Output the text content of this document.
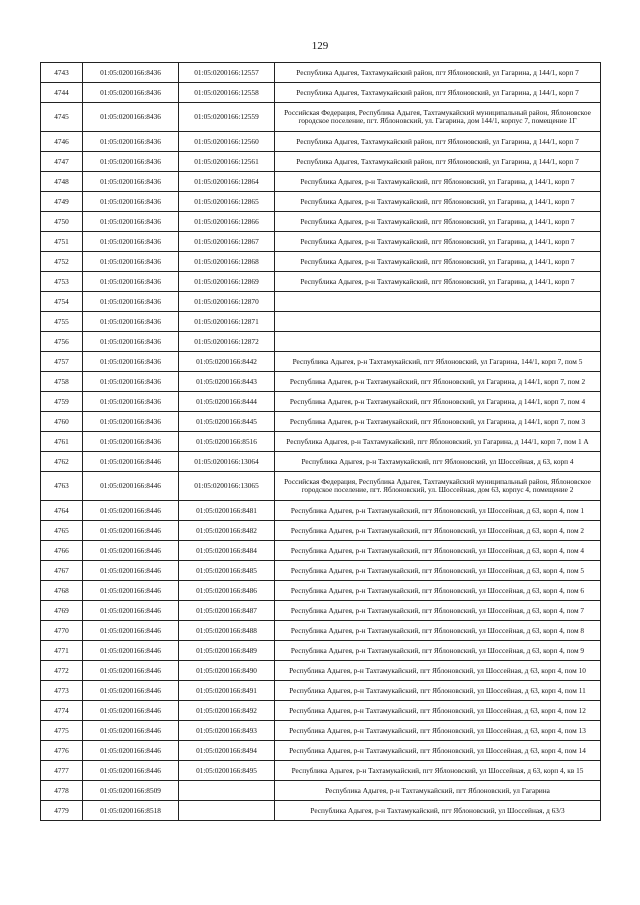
129
4743	01:05:0200166:8436	01:05:0200166:12557	Республика Адыгея, Тахтамукайский район, пгт Яблоновский, ул Гагарина, д 144/1, корп 7
4744	01:05:0200166:8436	01:05:0200166:12558	Республика Адыгея, Тахтамукайский район, пгт Яблоновский, ул Гагарина, д 144/1, корп 7
4745	01:05:0200166:8436	01:05:0200166:12559	Российская Федерация, Республика Адыгея, Тахтамукайский муниципальный район, Яблоновское городское поселение, пгт. Яблоновский, ул. Гагарина, дом 144/1, корпус 7, помещение 1Г
4746	01:05:0200166:8436	01:05:0200166:12560	Республика Адыгея, Тахтамукайский район, пгт Яблоновский, ул Гагарина, д 144/1, корп 7
4747	01:05:0200166:8436	01:05:0200166:12561	Республика Адыгея, Тахтамукайский район, пгт Яблоновский, ул Гагарина, д 144/1, корп 7
4748	01:05:0200166:8436	01:05:0200166:12864	Республика Адыгея, р-н Тахтамукайский, пгт Яблоновский, ул Гагарина, д 144/1, корп 7
4749	01:05:0200166:8436	01:05:0200166:12865	Республика Адыгея, р-н Тахтамукайский, пгт Яблоновский, ул Гагарина, д 144/1, корп 7
4750	01:05:0200166:8436	01:05:0200166:12866	Республика Адыгея, р-н Тахтамукайский, пгт Яблоновский, ул Гагарина, д 144/1, корп 7
4751	01:05:0200166:8436	01:05:0200166:12867	Республика Адыгея, р-н Тахтамукайский, пгт Яблоновский, ул Гагарина, д 144/1, корп 7
4752	01:05:0200166:8436	01:05:0200166:12868	Республика Адыгея, р-н Тахтамукайский, пгт Яблоновский, ул Гагарина, д 144/1, корп 7
4753	01:05:0200166:8436	01:05:0200166:12869	Республика Адыгея, р-н Тахтамукайский, пгт Яблоновский, ул Гагарина, д 144/1, корп 7
4754	01:05:0200166:8436	01:05:0200166:12870	
4755	01:05:0200166:8436	01:05:0200166:12871	
4756	01:05:0200166:8436	01:05:0200166:12872	
4757	01:05:0200166:8436	01:05:0200166:8442	Республика Адыгея, р-н Тахтамукайский, пгт Яблоновский, ул Гагарина, 144/1, корп 7, пом 5
4758	01:05:0200166:8436	01:05:0200166:8443	Республика Адыгея, р-н Тахтамукайский, пгт Яблоновский, ул Гагарина, д 144/1, корп 7, пом 2
4759	01:05:0200166:8436	01:05:0200166:8444	Республика Адыгея, р-н Тахтамукайский, пгт Яблоновский, ул Гагарина, д 144/1, корп 7, пом 4
4760	01:05:0200166:8436	01:05:0200166:8445	Республика Адыгея, р-н Тахтамукайский, пгт Яблоновский, ул Гагарина, д 144/1, корп 7, пом 3
4761	01:05:0200166:8436	01:05:0200166:8516	Республика Адыгея, р-н Тахтамукайский, пгт Яблоновский, ул Гагарина, д 144/1, корп 7, пом 1 А
4762	01:05:0200166:8446	01:05:0200166:13064	Республика Адыгея, р-н Тахтамукайский, пгт Яблоновский, ул Шоссейная, д 63, корп 4
4763	01:05:0200166:8446	01:05:0200166:13065	Российская Федерация, Республика Адыгея, Тахтамукайский муниципальный район, Яблоновское городское поселение, пгт. Яблоновский, ул. Шоссейная, дом 63, корпус 4, помещение 2
4764	01:05:0200166:8446	01:05:0200166:8481	Республика Адыгея, р-н Тахтамукайский, пгт Яблоновский, ул Шоссейная, д 63, корп 4, пом 1
4765	01:05:0200166:8446	01:05:0200166:8482	Республика Адыгея, р-н Тахтамукайский, пгт Яблоновский, ул Шоссейная, д 63, корп 4, пом 2
4766	01:05:0200166:8446	01:05:0200166:8484	Республика Адыгея, р-н Тахтамукайский, пгт Яблоновский, ул Шоссейная, д 63, корп 4, пом 4
4767	01:05:0200166:8446	01:05:0200166:8485	Республика Адыгея, р-н Тахтамукайский, пгт Яблоновский, ул Шоссейная, д 63, корп 4, пом 5
4768	01:05:0200166:8446	01:05:0200166:8486	Республика Адыгея, р-н Тахтамукайский, пгт Яблоновский, ул Шоссейная, д 63, корп 4, пом 6
4769	01:05:0200166:8446	01:05:0200166:8487	Республика Адыгея, р-н Тахтамукайский, пгт Яблоновский, ул Шоссейная, д 63, корп 4, пом 7
4770	01:05:0200166:8446	01:05:0200166:8488	Республика Адыгея, р-н Тахтамукайский, пгт Яблоновский, ул Шоссейная, д 63, корп 4, пом 8
4771	01:05:0200166:8446	01:05:0200166:8489	Республика Адыгея, р-н Тахтамукайский, пгт Яблоновский, ул Шоссейная, д 63, корп 4, пом 9
4772	01:05:0200166:8446	01:05:0200166:8490	Республика Адыгея, р-н Тахтамукайский, пгт Яблоновский, ул Шоссейная, д 63, корп 4, пом 10
4773	01:05:0200166:8446	01:05:0200166:8491	Республика Адыгея, р-н Тахтамукайский, пгт Яблоновский, ул Шоссейная, д 63, корп 4, пом 11
4774	01:05:0200166:8446	01:05:0200166:8492	Республика Адыгея, р-н Тахтамукайский, пгт Яблоновский, ул Шоссейная, д 63, корп 4, пом 12
4775	01:05:0200166:8446	01:05:0200166:8493	Республика Адыгея, р-н Тахтамукайский, пгт Яблоновский, ул Шоссейная, д 63, корп 4, пом 13
4776	01:05:0200166:8446	01:05:0200166:8494	Республика Адыгея, р-н Тахтамукайский, пгт Яблоновский, ул Шоссейная, д 63, корп 4, пом 14
4777	01:05:0200166:8446	01:05:0200166:8495	Республика Адыгея, р-н Тахтамукайский, пгт Яблоновский, ул Шоссейная, д 63, корп 4, кв 15
4778	01:05:0200166:8509		Республика Адыгея, р-н Тахтамукайский, пгт Яблоновский, ул Гагарина
4779	01:05:0200166:8518		Республика Адыгея, р-н Тахтамукайский, пгт Яблоновский, ул Шоссейная, д 63/3
